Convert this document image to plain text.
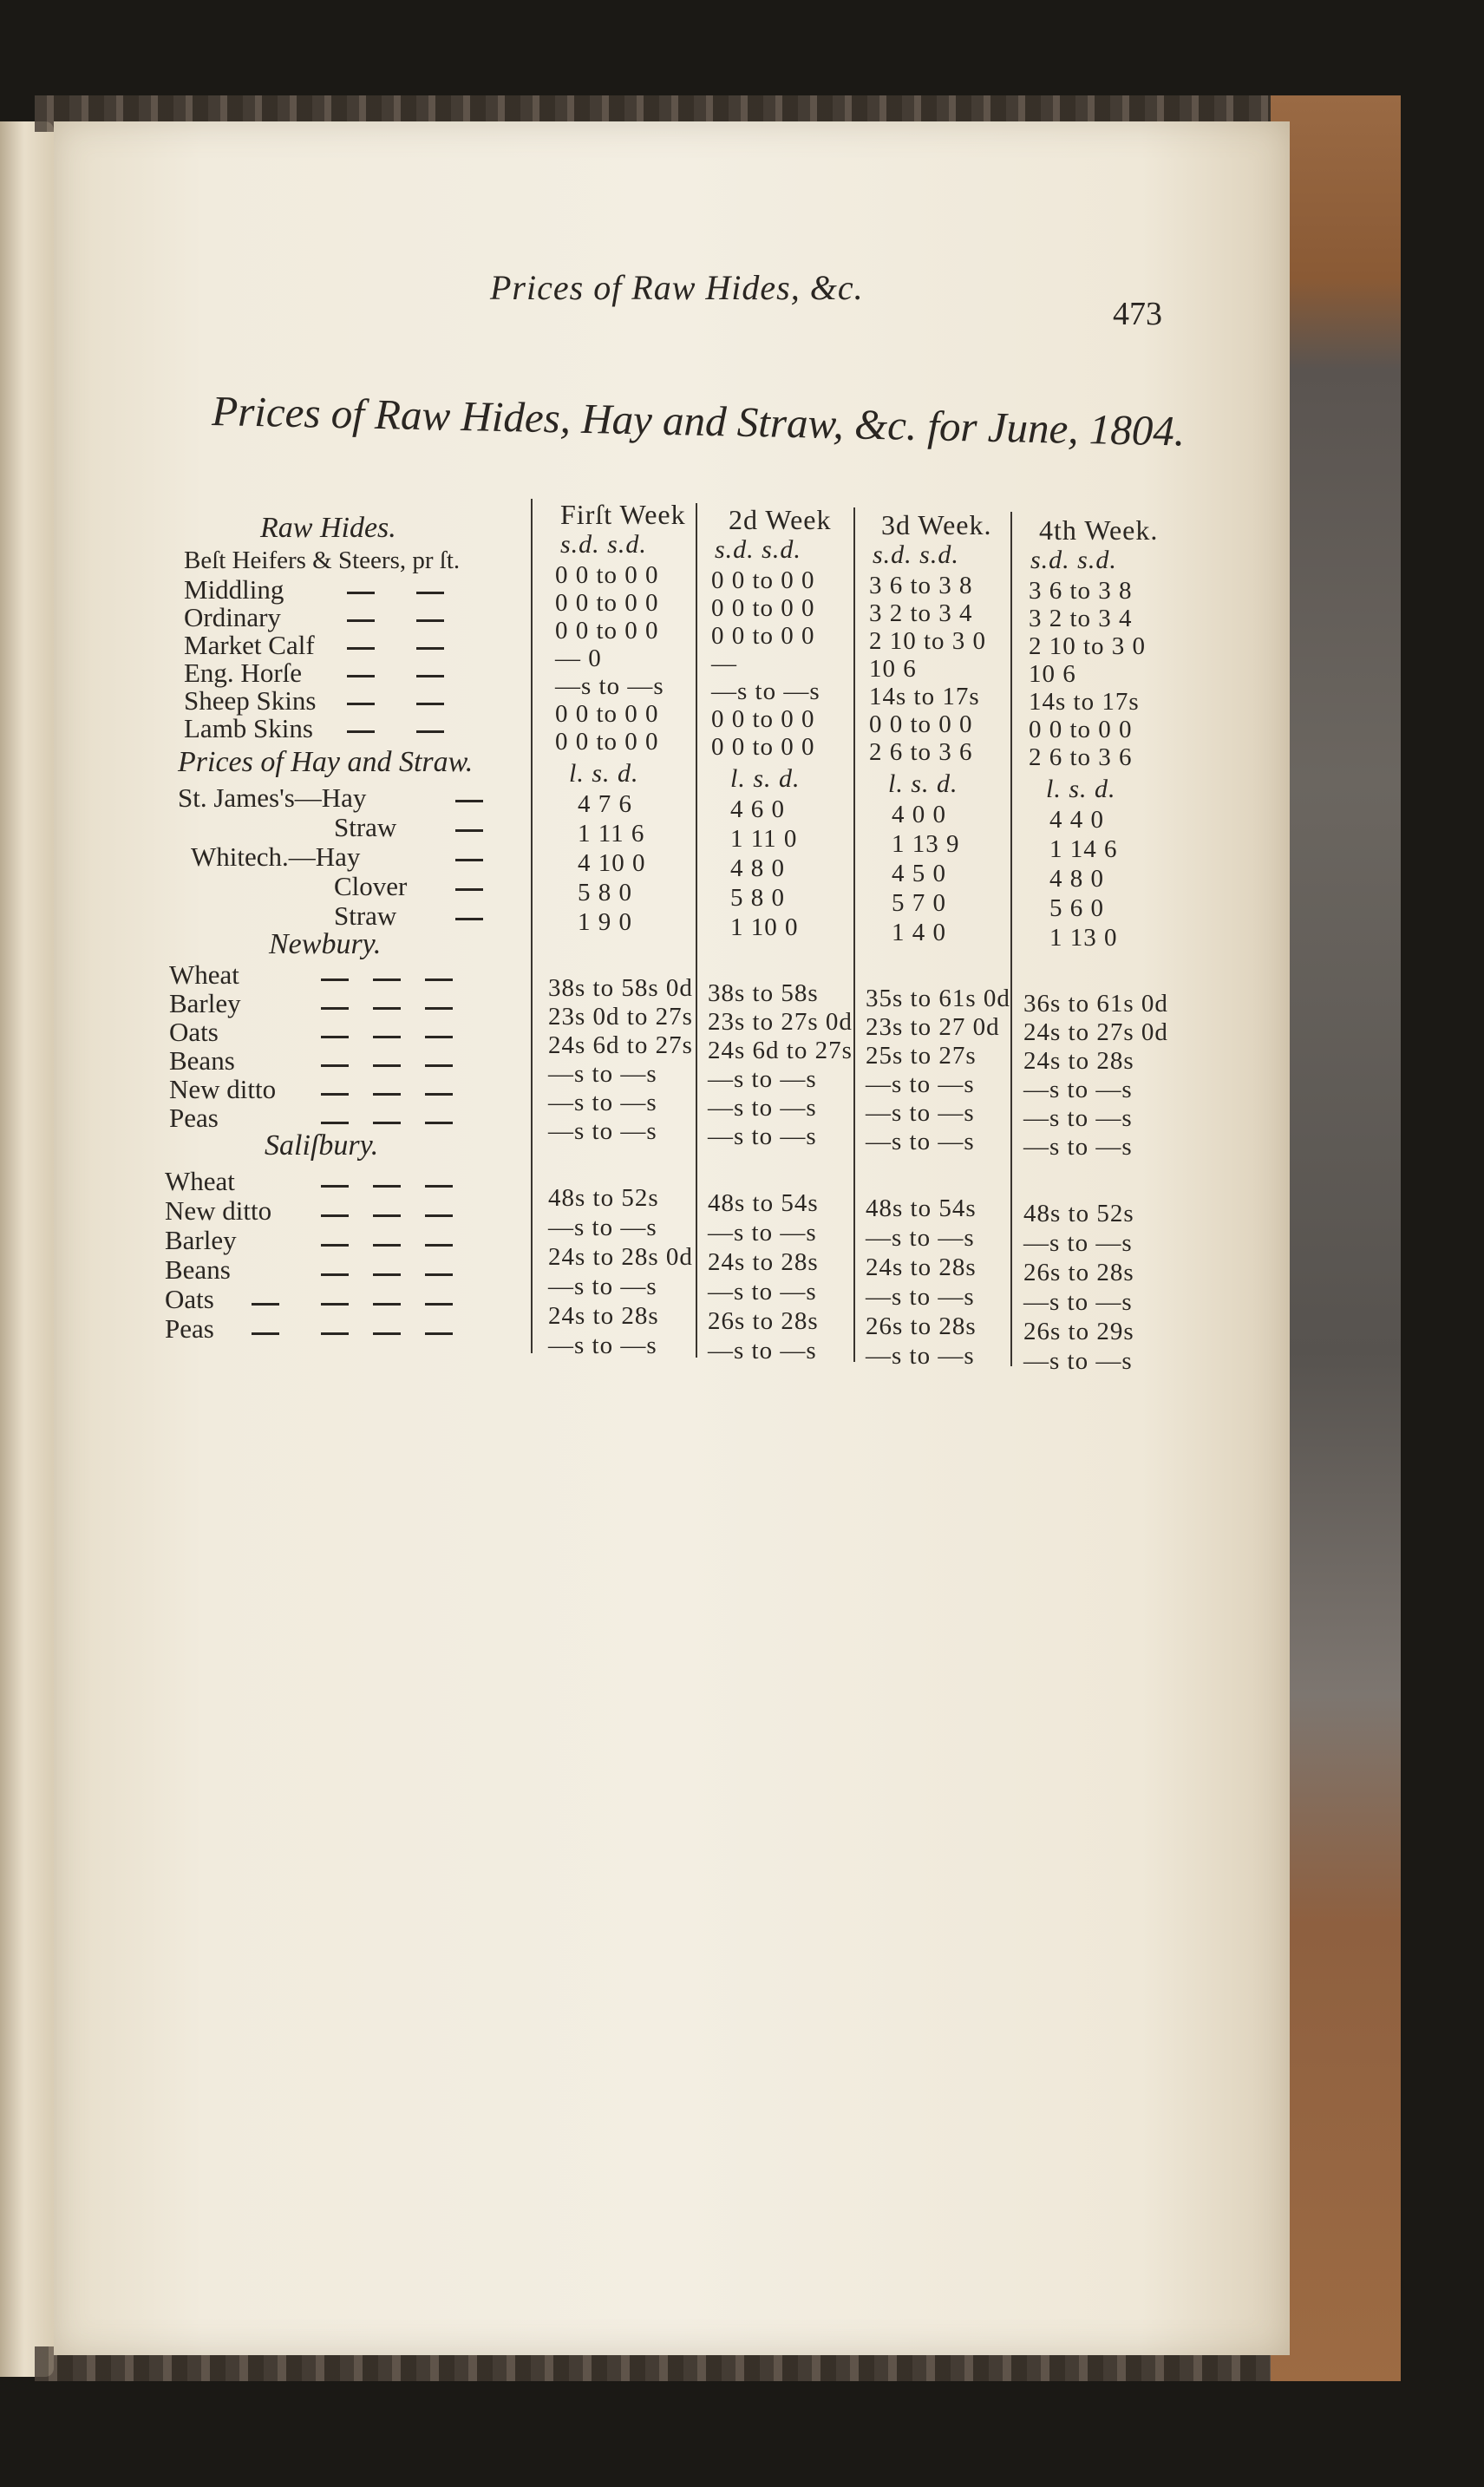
Prices of Raw Hides, &c.
473
Prices of Raw Hides, Hay and Straw, &c. for June, 1804.
Raw Hides.
Beſt Heifers & Steers, pr ſt.
Middling
Ordinary
Market Calf
Eng. Horſe
Sheep Skins
Lamb Skins
Prices of Hay and Straw.
St. James's—Hay
Straw
Whitech.—Hay
Clover
Straw
Newbury.
Wheat
Barley
Oats
Beans
New ditto
Peas
Saliſbury.
Wheat
New ditto
Barley
Beans
Oats
Peas
Firſt Week
s.d. s.d.
0 0 to 0 0
0 0 to 0 0
0 0 to 0 0
— 0
—s to —s
0 0 to 0 0
0 0 to 0 0
l. s. d.
4 7 6
1 11 6
4 10 0
5 8 0
1 9 0
38s to 58s 0d
23s 0d to 27s
24s 6d to 27s
—s to —s
—s to —s
—s to —s
48s to 52s
—s to —s
24s to 28s 0d
—s to —s
24s to 28s
—s to —s
2d Week
s.d. s.d.
0 0 to 0 0
0 0 to 0 0
0 0 to 0 0
—
—s to —s
0 0 to 0 0
0 0 to 0 0
l. s. d.
4 6 0
1 11 0
4 8 0
5 8 0
1 10 0
38s to 58s
23s to 27s 0d
24s 6d to 27s
—s to —s
—s to —s
—s to —s
48s to 54s
—s to —s
24s to 28s
—s to —s
26s to 28s
—s to —s
3d Week.
s.d. s.d.
3 6 to 3 8
3 2 to 3 4
2 10 to 3 0
10 6
14s to 17s
0 0 to 0 0
2 6 to 3 6
l. s. d.
4 0 0
1 13 9
4 5 0
5 7 0
1 4 0
35s to 61s 0d
23s to 27 0d
25s to 27s
—s to —s
—s to —s
—s to —s
48s to 54s
—s to —s
24s to 28s
—s to —s
26s to 28s
—s to —s
4th Week.
s.d. s.d.
3 6 to 3 8
3 2 to 3 4
2 10 to 3 0
10 6
14s to 17s
0 0 to 0 0
2 6 to 3 6
l. s. d.
4 4 0
1 14 6
4 8 0
5 6 0
1 13 0
36s to 61s 0d
24s to 27s 0d
24s to 28s
—s to —s
—s to —s
—s to —s
48s to 52s
—s to —s
26s to 28s
—s to —s
26s to 29s
—s to —s
